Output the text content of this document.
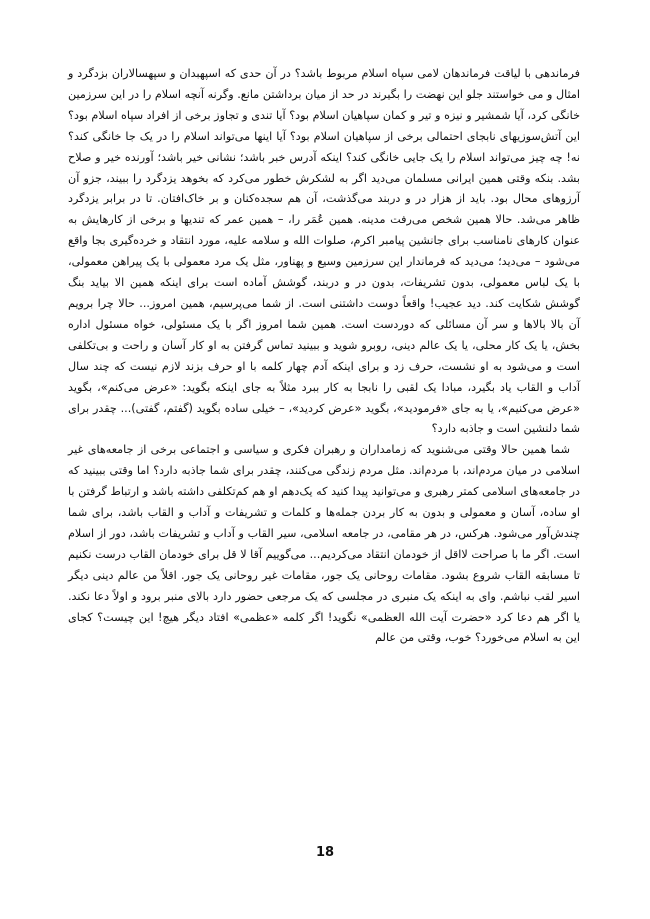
فرماندهی با لیاقت فرماندهان لامی سپاه اسلام مربوط باشد؟ در آن حدی که اسپهبدان و سپهسالاران بزدگرد و امثال و می خواستند جلو این نهضت را بگیرند در حد از میان برداشتن مانع. وگرنه آنچه اسلام را در این سرزمین خانگی کرد، آیا شمشیر و نیزه و تیر و کمان سپاهیان اسلام بود؟ آیا تندی و تجاوز برخی از افراد سپاه اسلام بود؟ این آتش‌سوزیهای نابجای احتمالی برخی از سپاهیان اسلام بود؟ آیا اینها می‌تواند اسلام را در یک جا خانگی کند؟ نه! چه چیز می‌تواند اسلام را یک جایی خانگی کند؟ اینکه آدرس خبر باشد؛ نشانی خیر باشد؛ آورنده خیر و صلاح بشد. بنکه وقتی همین ایرانی مسلمان می‌دید اگر به لشکرش خطور می‌کرد که بخوهد یزدگرد را ببیند، جزو آن آرزوهای محال بود. باید از هزار در و دربند می‌گذشت، آن هم سجده‌کنان و بر خاک‌افتان. تا در برابر یزدگرد ظاهر می‌شد. حالا همین شخص می‌رفت مدینه. همین عُمَر را، – همین عمر که تندیها و برخی از کارهایش به عنوان کارهای نامناسب برای جانشین پیامبر اکرم، صلوات الله و سلامه علیه، مورد انتقاد و خرده‌گیری بجا واقع می‌شود – می‌دید؛ می‌دید که فرماندار این سرزمین وسیع و پهناور، مثل یک مرد معمولی با یک پیراهن معمولی، با یک لباس معمولی، بدون تشریفات، بدون در و دربند، گوشش آماده است برای اینکه همین الا بیاید بنگ گوشش شکایت کند. دید عجیب! واقعاً دوست داشتنی است. از شما می‌پرسیم، همین امروز... حالا چرا برویم آن بالا بالاها و سر آن مسائلی که دوردست است. همین شما امروز اگر با یک مسئولی، خواه مسئول اداره بخش، یا یک کار محلی، یا یک عالم دینی، روبرو شوید و ببینید تماس گرفتن به او کار آسان و راحت و بی‌تکلفی است و می‌شود به او نشست، حرف زد و برای اینکه آدم چهار کلمه با او حرف بزند لازم نیست که چند سال آداب و القاب یاد بگیرد، مبادا یک لقبی را نابجا به کار ببرد مثلاً به جای اینکه بگوید: «عرض می‌کنم»، بگوید «عرض می‌کنیم»، یا به جای «فرمودید»، بگوید «عرض کردید»، – خیلی ساده بگوید (گفتم، گفتی)... چقدر برای شما دلنشین است و جاذبه دارد؟

شما همین حالا وقتی می‌شنوید که زمامداران و رهبران فکری و سیاسی و اجتماعی برخی از جامعه‌های غیر اسلامی در میان مردم‌اند، با مردم‌اند. مثل مردم زندگی می‌کنند، چقدر برای شما جاذبه دارد؟ اما وقتی ببینید که در جامعه‌های اسلامی کمتر رهبری و می‌توانید پیدا کنید که یک‌دهم او هم کم‌تکلفی داشته باشد و ارتباط گرفتن با او ساده، آسان و معمولی و بدون به کار بردن جمله‌ها و کلمات و تشریفات و آداب و القاب باشد، برای شما چندش‌آور می‌شود. هرکس، در هر مقامی، در جامعه اسلامی، سیر القاب و آداب و تشریفات باشد، دور از اسلام است. اگر ما با صراحت لااقل از خودمان انتقاد می‌کردیم... می‌گوییم آقا لا قل برای خودمان القاب درست نکنیم تا مسابقه القاب شروع بشود. مقامات روحانی یک جور، مقامات غیر روحانی یک جور. اقلاً من عالم دینی دیگر اسیر لقب نباشم. وای به اینکه یک منبری در مجلسی که یک مرجعی حضور دارد بالای منبر برود و اولاً دعا نکند. یا اگر هم دعا کرد «حضرت آیت الله العظمی» نگوید! اگر کلمه «عظمی» افتاد دیگر هیچ! این چیست؟ کجای این به اسلام می‌خورد؟ خوب، وقتی من عالم

18
